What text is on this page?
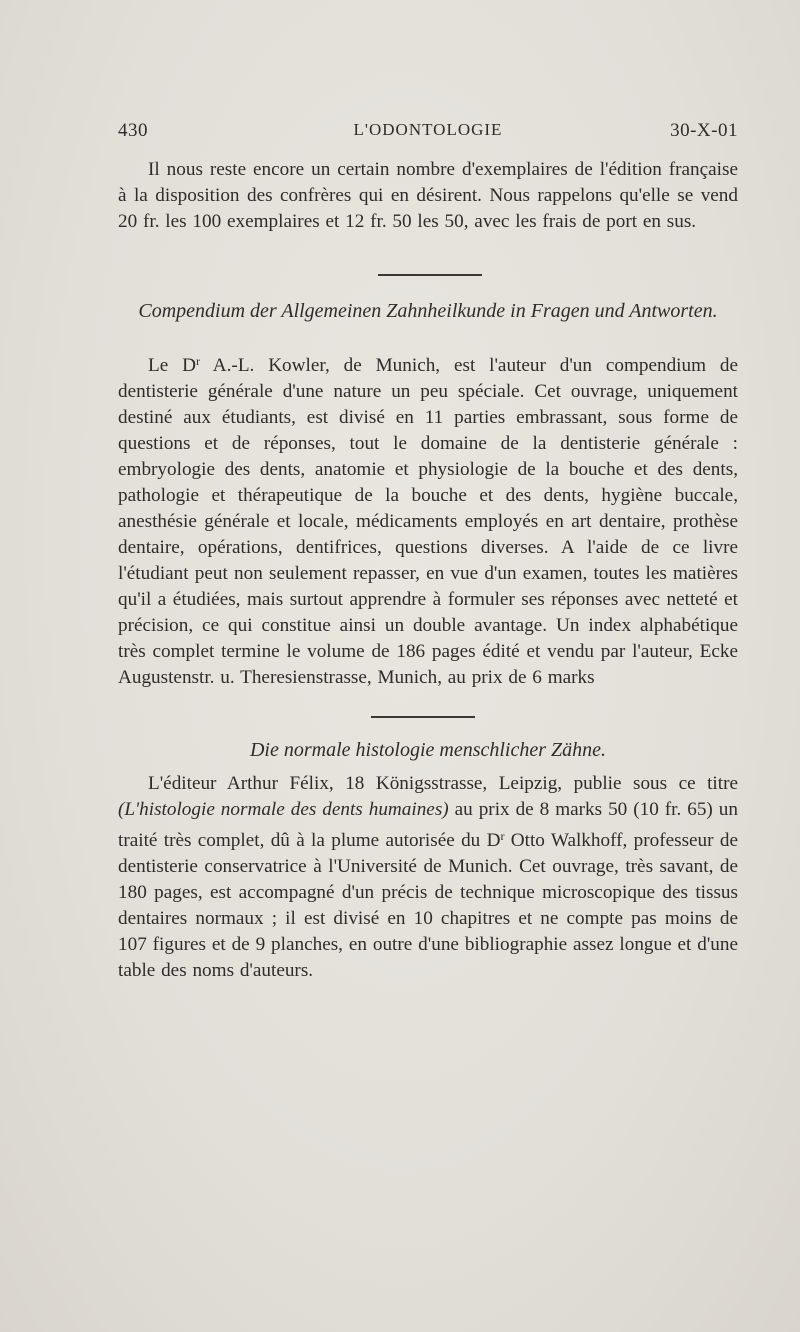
430	L'ODONTOLOGIE	30-X-01
Il nous reste encore un certain nombre d'exemplaires de l'édition française à la disposition des confrères qui en désirent. Nous rappelons qu'elle se vend 20 fr. les 100 exemplaires et 12 fr. 50 les 50, avec les frais de port en sus.
Compendium der Allgemeinen Zahnheilkunde in Fragen und Antworten.
Le $D^r$ A.-L. Kowler, de Munich, est l'auteur d'un compendium de dentisterie générale d'une nature un peu spéciale. Cet ouvrage, uniquement destiné aux étudiants, est divisé en 11 parties embrassant, sous forme de questions et de réponses, tout le domaine de la dentisterie générale : embryologie des dents, anatomie et physiologie de la bouche et des dents, pathologie et thérapeutique de la bouche et des dents, hygiène buccale, anesthésie générale et locale, médicaments employés en art dentaire, prothèse dentaire, opérations, dentifrices, questions diverses. A l'aide de ce livre l'étudiant peut non seulement repasser, en vue d'un examen, toutes les matières qu'il a étudiées, mais surtout apprendre à formuler ses réponses avec netteté et précision, ce qui constitue ainsi un double avantage. Un index alphabétique très complet termine le volume de 186 pages édité et vendu par l'auteur, Ecke Augustenstr. u. Theresienstrasse, Munich, au prix de 6 marks
Die normale histologie menschlicher Zähne.
L'éditeur Arthur Félix, 18 Königsstrasse, Leipzig, publie sous ce titre (L'histologie normale des dents humaines) au prix de 8 marks 50 (10 fr. 65) un traité très complet, dû à la plume autorisée du $D^r$ Otto Walkhoff, professeur de dentisterie conservatrice à l'Université de Munich. Cet ouvrage, très savant, de 180 pages, est accompagné d'un précis de technique microscopique des tissus dentaires normaux ; il est divisé en 10 chapitres et ne compte pas moins de 107 figures et de 9 planches, en outre d'une bibliographie assez longue et d'une table des noms d'auteurs.
